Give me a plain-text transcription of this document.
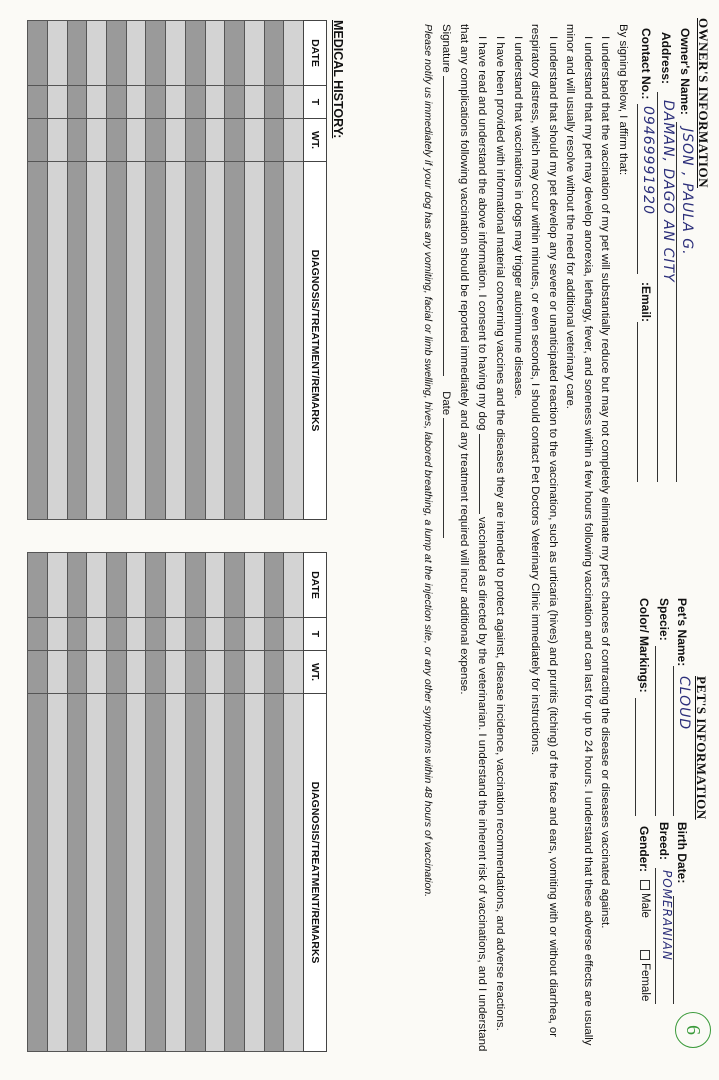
OWNER'S INFORMATION
Owner's Name:
JSON , PAULA G.
Address:
DAMAN, DAGO AN CITY
Contact No.:
09469991920
:Email:
PET'S INFORMATION
6
Pet's Name:
CLOUD
Birth Date:
Specie:
Breed:
POMERANIAN
Color/ Markings:
Gender:
Male
Female

By signing below, I affirm that:

I understand that the vaccination of my pet will substantially reduce but may not completely eliminate my pet's chances of contracting the disease or diseases vaccinated against.

I understand that my pet may develop anorexia, lethargy, fever, and soreness within a few hours following vaccination and can last for up to 24 hours. I understand that these adverse effects are usually minor and will usually resolve without the need for additional veterinary care.

I understand that should my pet develop any severe or unanticipated reaction to the vaccination, such as urticaria (hives) and pruritis (itching) of the face and ears, vomiting with or without diarrhea, or respiratory distress, which may occur within minutes, or even seconds, I should contact Pet Doctors Veterinary Clinic immediately for instructions.

I understand that vaccinations in dogs may trigger autoimmune disease.

I have been provided with informational material concerning vaccines and the diseases they are intended to protect against, disease incidence, vaccination recommendations, and adverse reactions.

I have read and understand the above information. I consent to having my dog  vaccinated as directed by the veterinarian. I understand the inherent risk of vaccinations, and I understand that any complications following vaccination should be reported immediately and any treatment required will incur additional expense.

Signature  Date

Please notify us immediately if your dog has any vomiting, facial or limb swelling, hives, labored breathing, a lump at the injection site, or any other symptoms within 48 hours of vaccination.

MEDICAL HISTORY:
DATE	T	WT.	DIAGNOSIS/TREATMENT/REMARKS

DATE	T	WT.	DIAGNOSIS/TREATMENT/REMARKS
